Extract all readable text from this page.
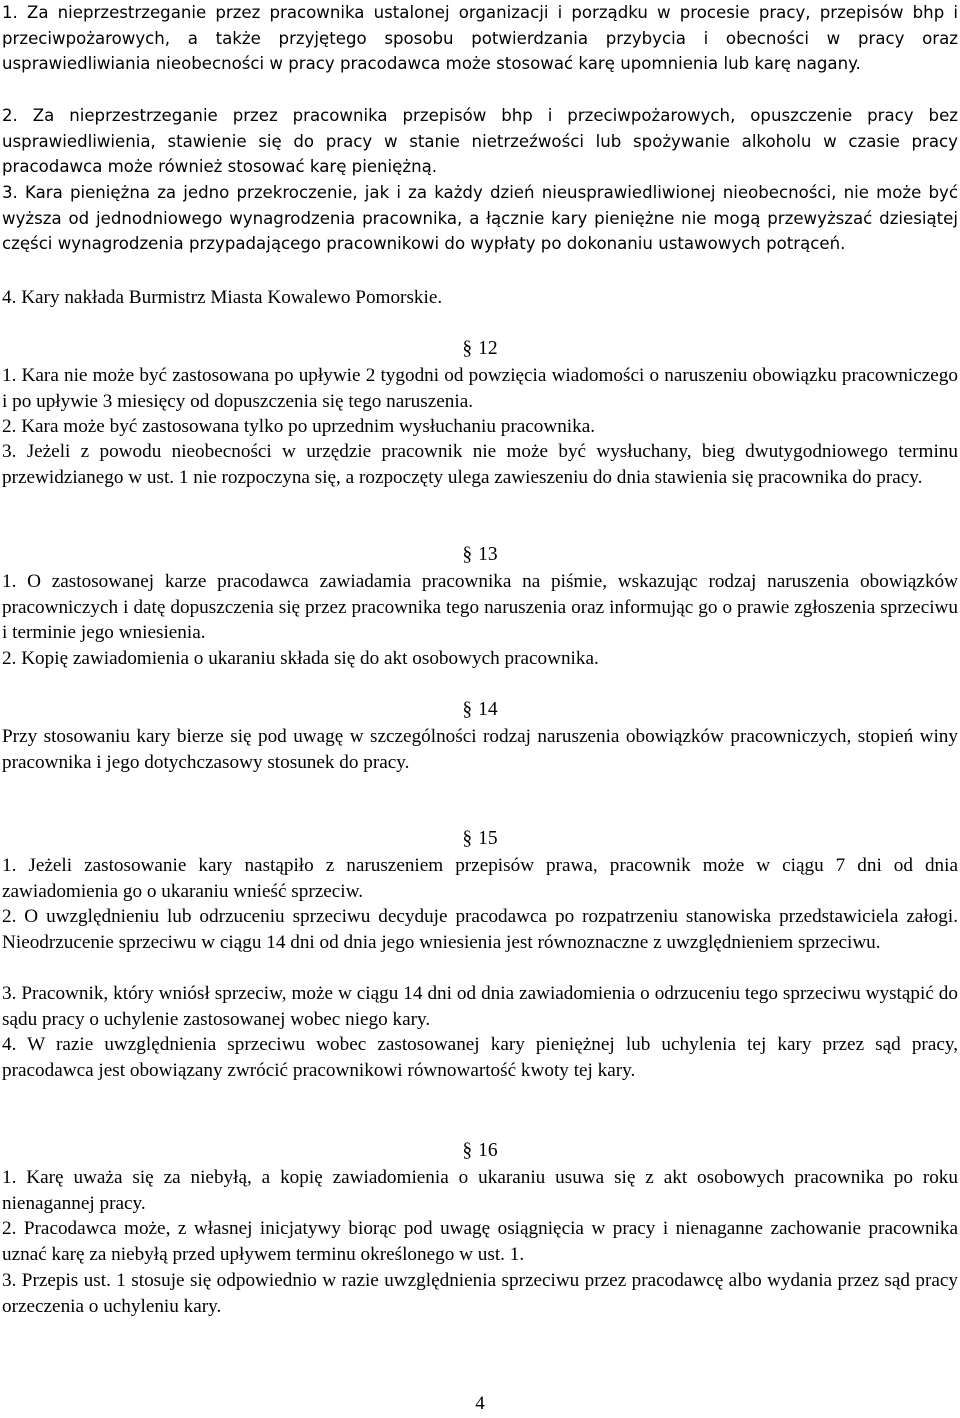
1. Za nieprzestrzeganie przez pracownika ustalonej organizacji i porządku w procesie pracy, przepisów bhp i przeciwpożarowych, a także przyjętego sposobu potwierdzania przybycia i obecności w pracy oraz usprawiedliwiania nieobecności w pracy pracodawca może stosować karę upomnienia lub karę nagany.

2. Za nieprzestrzeganie przez pracownika przepisów bhp i przeciwpożarowych, opuszczenie pracy bez usprawiedliwienia, stawienie się do pracy w stanie nietrzeźwości lub spożywanie alkoholu w czasie pracy pracodawca może również stosować karę pieniężną.

3. Kara pieniężna za jedno przekroczenie, jak i za każdy dzień nieusprawiedliwionej nieobecności, nie może być wyższa od jednodniowego wynagrodzenia pracownika, a łącznie kary pieniężne nie mogą przewyższać dziesiątej części wynagrodzenia przypadającego pracownikowi do wypłaty po dokonaniu ustawowych potrąceń.

4. Kary nakłada Burmistrz Miasta Kowalewo Pomorskie.

§ 12

1. Kara nie może być zastosowana po upływie 2 tygodni od powzięcia wiadomości o naruszeniu obowiązku pracowniczego i po upływie 3 miesięcy od dopuszczenia się tego naruszenia.

2. Kara może być zastosowana tylko po uprzednim wysłuchaniu pracownika.

3. Jeżeli z powodu nieobecności w urzędzie pracownik nie może być wysłuchany, bieg dwutygodniowego terminu przewidzianego w ust. 1 nie rozpoczyna się, a rozpoczęty ulega zawieszeniu do dnia stawienia się pracownika do pracy.

§ 13

1. O zastosowanej karze pracodawca zawiadamia pracownika na piśmie, wskazując rodzaj naruszenia obowiązków pracowniczych i datę dopuszczenia się przez pracownika tego naruszenia oraz informując go o prawie zgłoszenia sprzeciwu i terminie jego wniesienia.

2. Kopię zawiadomienia o ukaraniu składa się do akt osobowych pracownika.

§ 14

Przy stosowaniu kary bierze się pod uwagę w szczególności rodzaj naruszenia obowiązków pracowniczych, stopień winy pracownika i jego dotychczasowy stosunek do pracy.

§ 15

1. Jeżeli zastosowanie kary nastąpiło z naruszeniem przepisów prawa, pracownik może w ciągu 7 dni od dnia zawiadomienia go o ukaraniu wnieść sprzeciw.

2. O uwzględnieniu lub odrzuceniu sprzeciwu decyduje pracodawca po rozpatrzeniu stanowiska przedstawiciela załogi. Nieodrzucenie sprzeciwu w ciągu 14 dni od dnia jego wniesienia jest równoznaczne z uwzględnieniem sprzeciwu.

3. Pracownik, który wniósł sprzeciw, może w ciągu 14 dni od dnia zawiadomienia o odrzuceniu tego sprzeciwu wystąpić do sądu pracy o uchylenie zastosowanej wobec niego kary.

4. W razie uwzględnienia sprzeciwu wobec zastosowanej kary pieniężnej lub uchylenia tej kary przez sąd pracy, pracodawca jest obowiązany zwrócić pracownikowi równowartość kwoty tej kary.

§ 16

1. Karę uważa się za niebyłą, a kopię zawiadomienia o ukaraniu usuwa się z akt osobowych pracownika po roku nienagannej pracy.

2. Pracodawca może, z własnej inicjatywy biorąc pod uwagę osiągnięcia w pracy i nienaganne zachowanie pracownika uznać karę za niebyłą przed upływem terminu określonego w ust. 1.

3. Przepis ust. 1 stosuje się odpowiednio w razie uwzględnienia sprzeciwu przez pracodawcę albo wydania przez sąd pracy orzeczenia o uchyleniu kary.

4
